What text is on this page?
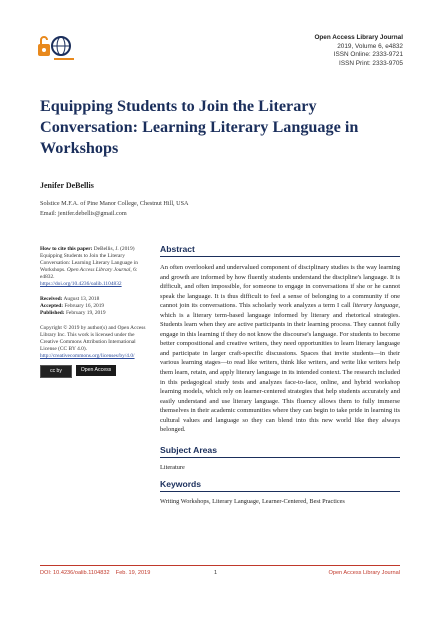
Open Access Library Journal
2019, Volume 6, e4832
ISSN Online: 2333-9721
ISSN Print: 2333-9705
Equipping Students to Join the Literary Conversation: Learning Literary Language in Workshops
Jenifer DeBellis
Solstice M.F.A. of Pine Manor College, Chestnut Hill, USA
Email: jenifer.debellis@gmail.com

How to cite this paper: DeBellis, J. (2019) Equipping Students to Join the Literary Conversation: Learning Literary Language in Workshops. Open Access Library Journal, 6: e4832.
https://doi.org/10.4236/oalib.1104832

Received: August 13, 2018
Accepted: February 16, 2019
Published: February 19, 2019

Copyright © 2019 by author(s) and Open Access Library Inc. This work is licensed under the Creative Commons Attribution International License (CC BY 4.0).
http://creativecommons.org/licenses/by/4.0/

cc by	Open Access
Abstract

An often overlooked and undervalued component of disciplinary studies is the way learning and growth are informed by how fluently students understand the discipline's language. It is difficult, and often impossible, for someone to engage in conversations if she or he cannot speak the language. It is thus difficult to feel a sense of belonging to a community if one cannot join its conversations. This scholarly work analyzes a term I call literary language, which is a literary term-based language informed by literary and rhetorical strategies. Students learn when they are active participants in their learning process. They cannot fully engage in this learning if they do not know the discourse's language. For students to become better compositional and creative writers, they need opportunities to learn literary language and participate in larger craft-specific discussions. Spaces that invite students—in their various learning stages—to read like writers, think like writers, and write like writers help them learn, retain, and apply literary language in its intended context. The research included in this pedagogical study tests and analyzes face-to-face, online, and hybrid workshop learning models, which rely on learner-centered strategies that help students accurately and easily understand and use literary language. This fluency allows them to fully immerse themselves in their academic communities where they can begin to take pride in learning its cultural values and language so they can blend into this new world like they always belonged.

Subject Areas

Literature

Keywords

Writing Workshops, Literary Language, Learner-Centered, Best Practices

DOI: 10.4236/oalib.1104832 Feb. 19, 2019	1	Open Access Library Journal
